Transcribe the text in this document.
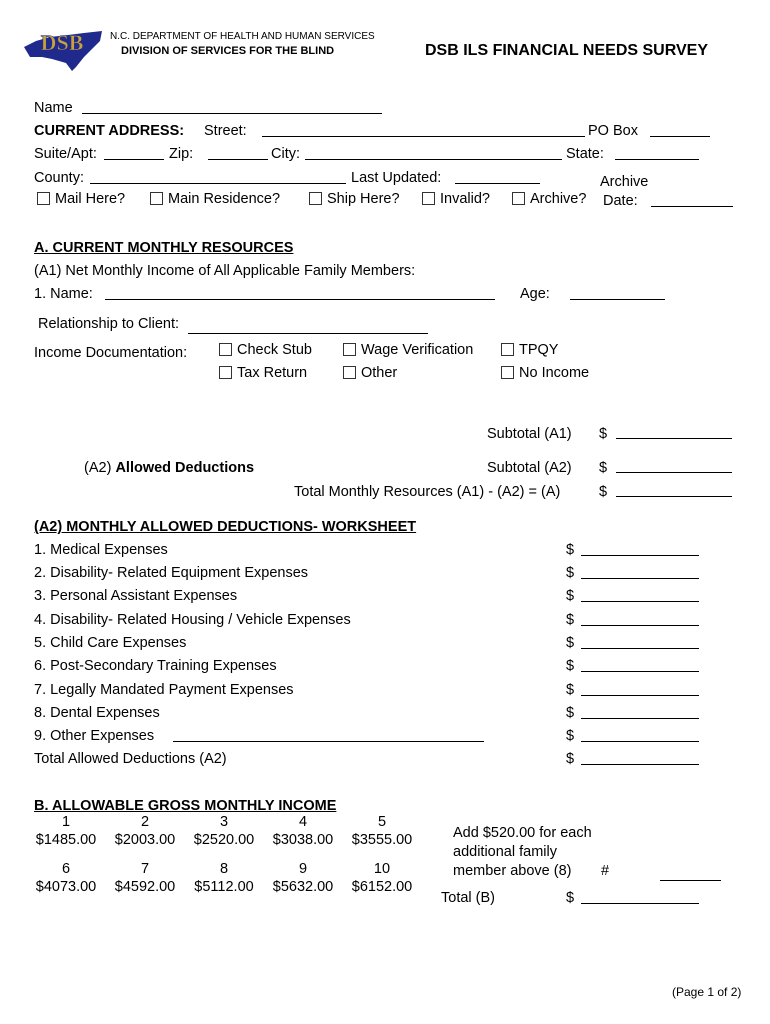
DSB	N.C. DEPARTMENT OF HEALTH AND HUMAN SERVICES
DIVISION OF SERVICES FOR THE BLIND	DSB ILS FINANCIAL NEEDS SURVEY
Name
CURRENT ADDRESS: Street:	PO Box
Suite/Apt:	Zip:	City:	State:
County:	Last Updated:	Archive
Mail Here?	Main Residence?	Ship Here?	Invalid?	Archive? Date:
A. CURRENT MONTHLY RESOURCES
(A1) Net Monthly Income of All Applicable Family Members:
1. Name:	Age:
Relationship to Client:
Income Documentation:	Check Stub	Wage Verification	TPQY
Tax Return	Other	No Income
Subtotal (A1) $
(A2) Allowed Deductions	Subtotal (A2) $
Total Monthly Resources (A1) - (A2) = (A)	$
(A2) MONTHLY ALLOWED DEDUCTIONS- WORKSHEET
1. Medical Expenses	$
2. Disability- Related Equipment Expenses	$
3. Personal Assistant Expenses	$
4. Disability- Related Housing / Vehicle Expenses	$
5. Child Care Expenses	$
6. Post-Secondary Training Expenses	$
7. Legally Mandated Payment Expenses	$
8. Dental Expenses	$
9. Other Expenses	$
Total Allowed Deductions (A2)	$
B. ALLOWABLE GROSS MONTHLY INCOME
1	2	3	4	5
$1485.00 $2003.00 $2520.00 $3038.00 $3555.00
6	7	8	9	10
$4073.00 $4592.00 $5112.00 $5632.00 $6152.00
Add $520.00 for each
additional family
member above (8) #
Total (B)	$
(Page 1 of 2)
